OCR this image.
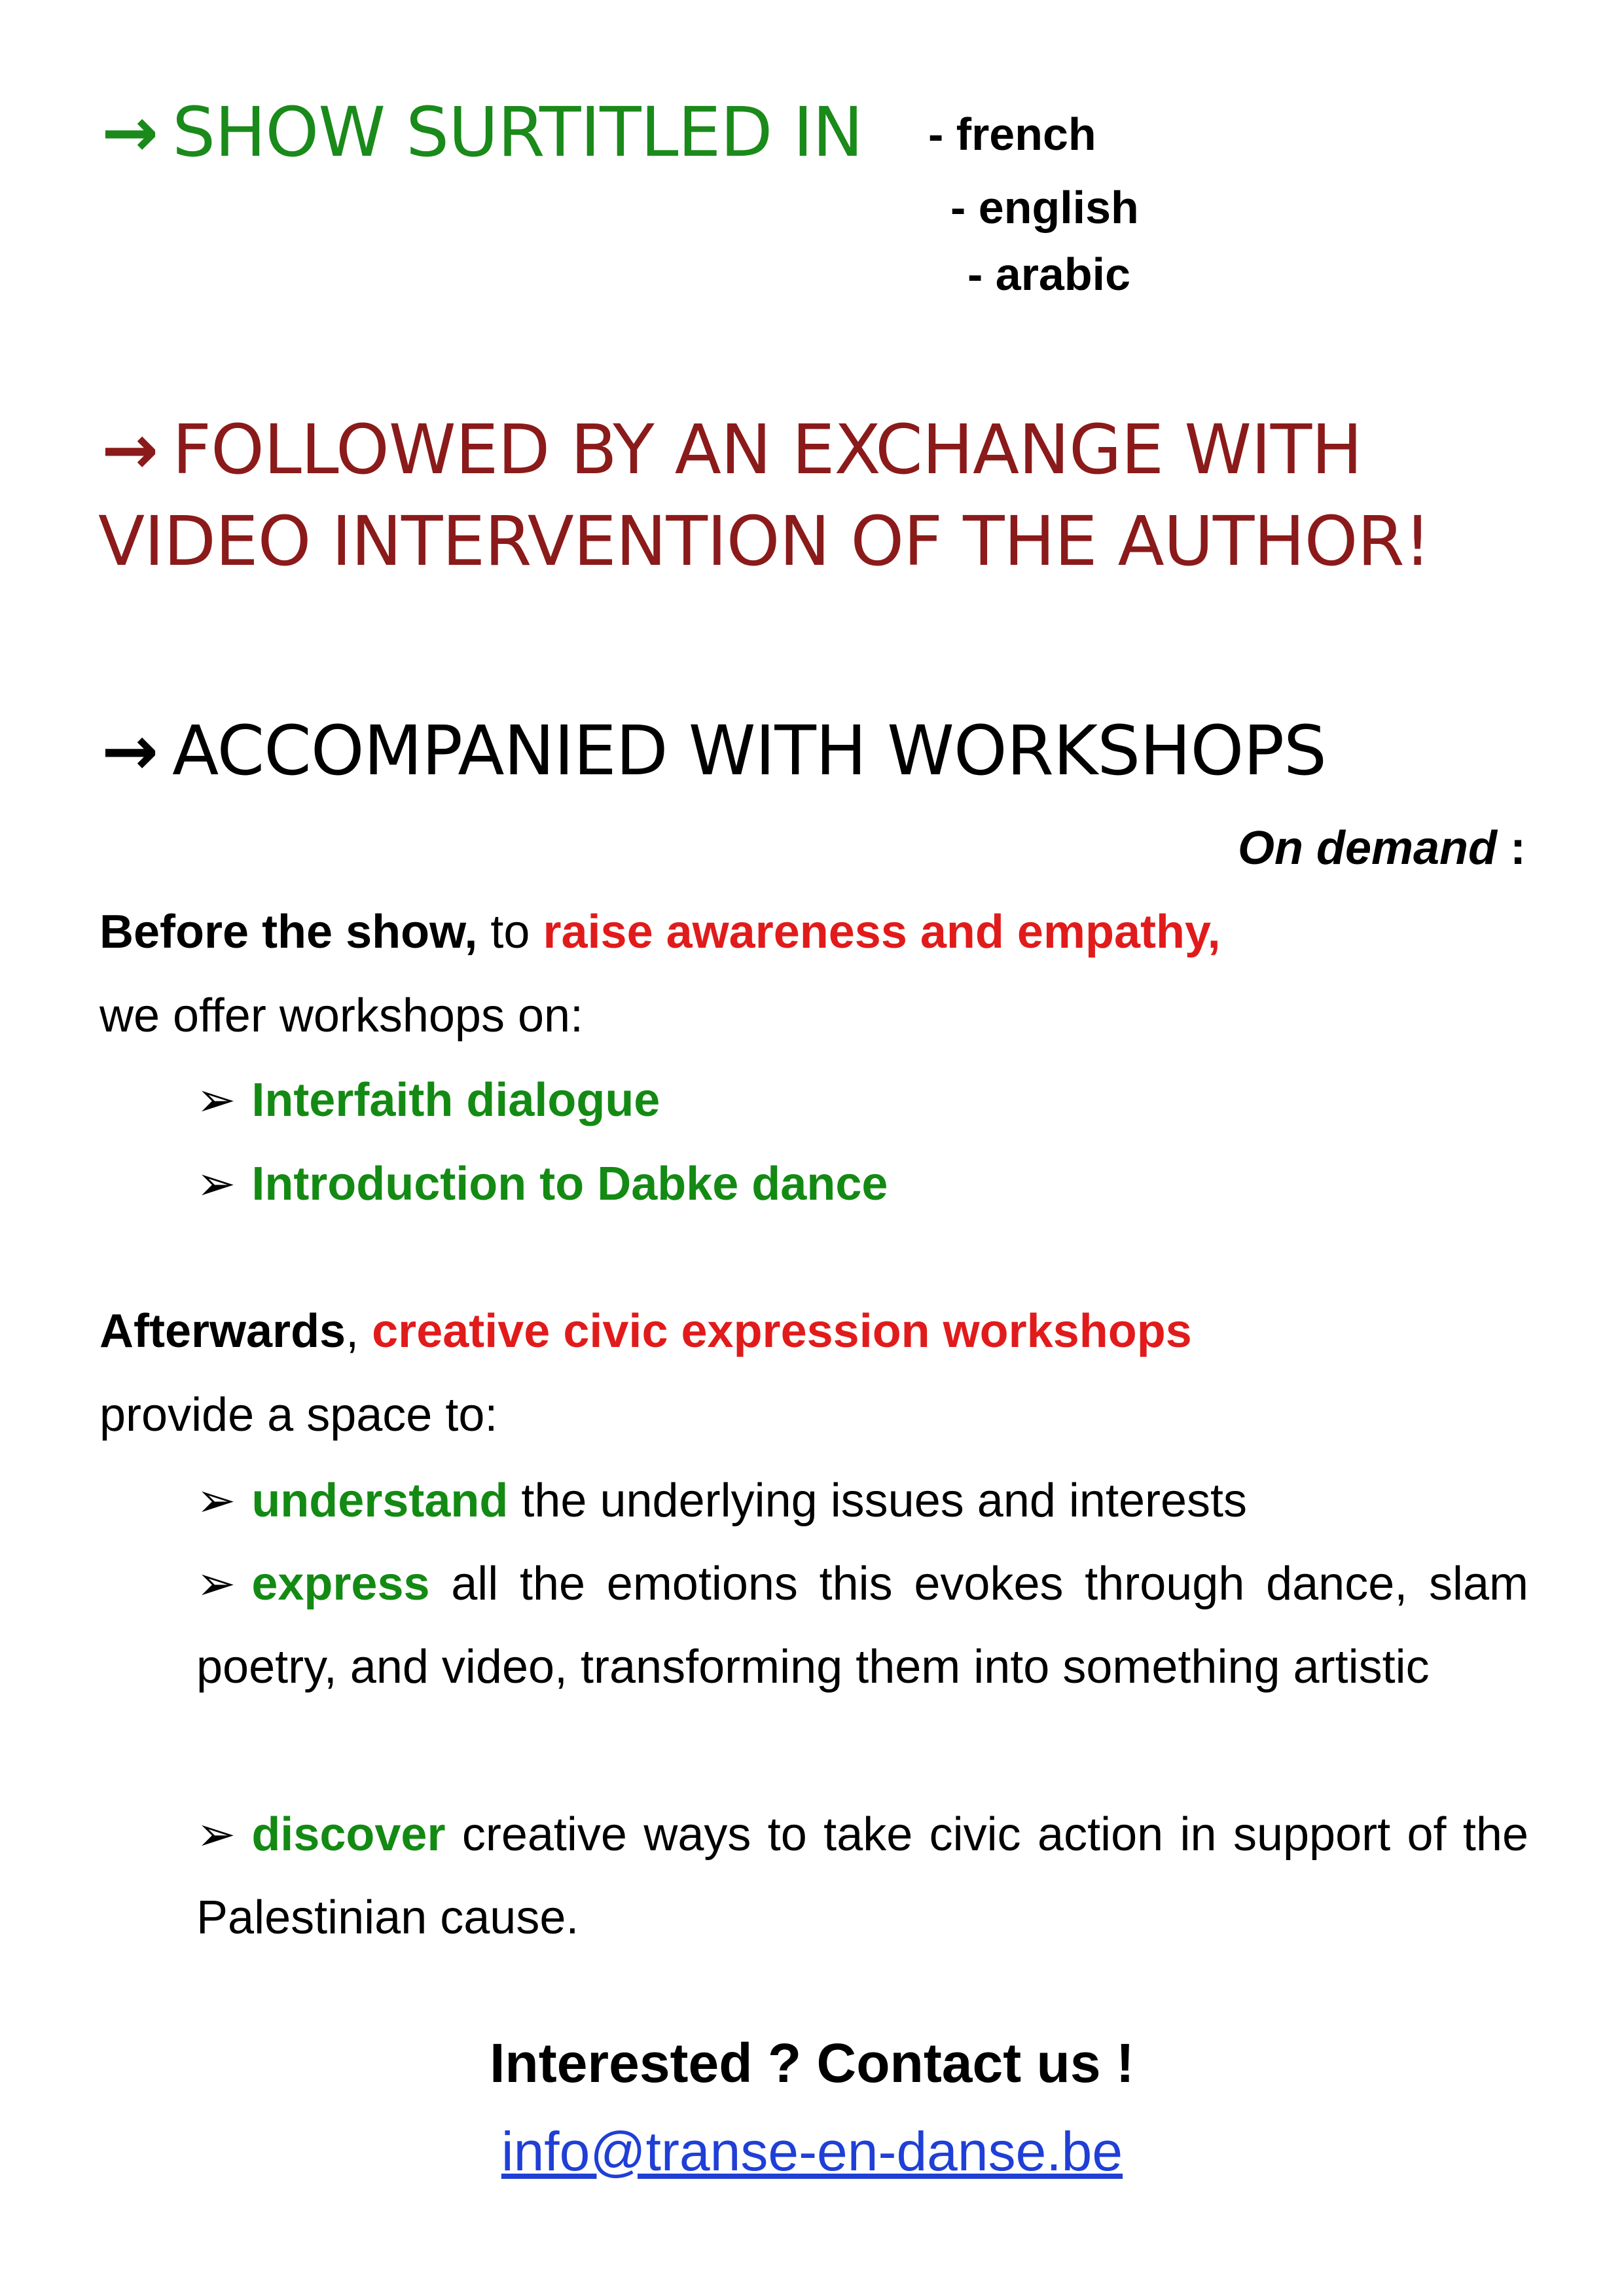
→ SHOW SURTITLED IN - french
- english
- arabic
→ FOLLOWED BY AN EXCHANGE WITH
VIDEO INTERVENTION OF THE AUTHOR!
→ ACCOMPANIED WITH WORKSHOPS
On demand :
Before the show, to raise awareness and empathy,
we offer workshops on:
➢ Interfaith dialogue
➢ Introduction to Dabke dance
Afterwards, creative civic expression workshops
provide a space to:
➢ understand the underlying issues and interests
➢ express all the emotions this evokes through dance, slam poetry, and video, transforming them into something artistic
➢ discover creative ways to take civic action in support of the Palestinian cause.
Interested ? Contact us !
info@transe-en-danse.be
